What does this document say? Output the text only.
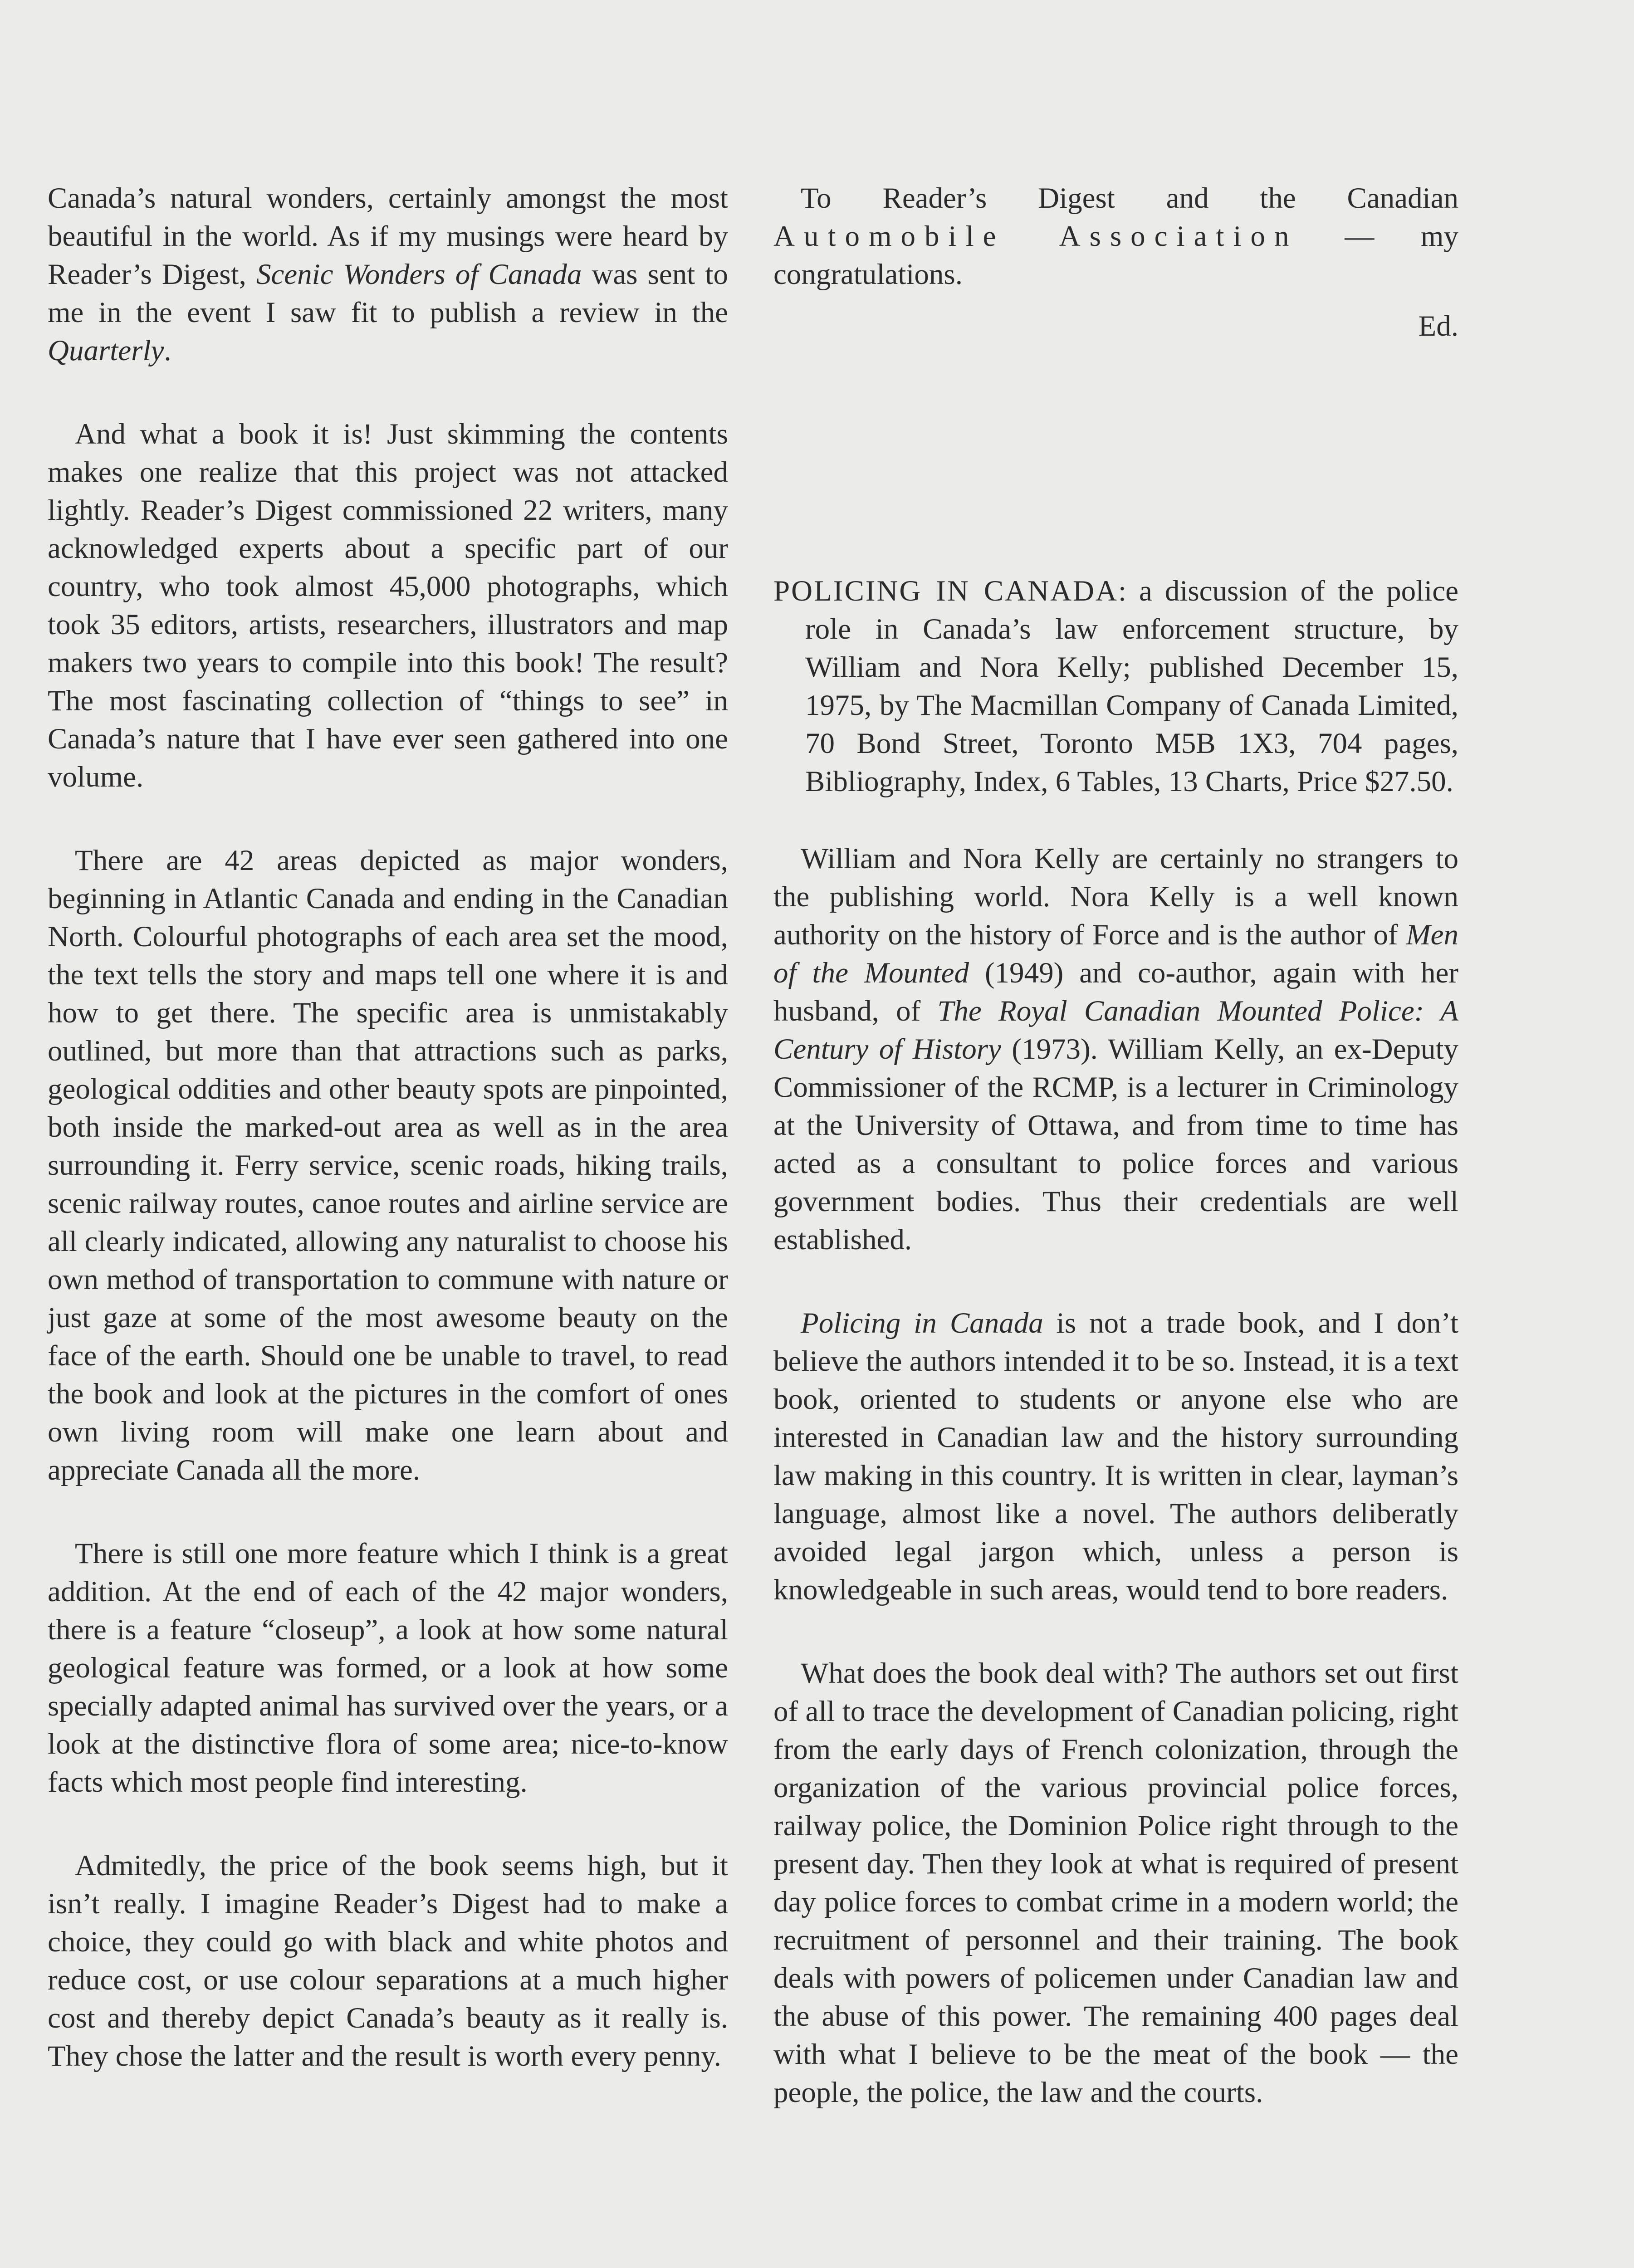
Canada’s natural wonders, certainly amongst the most beautiful in the world. As if my musings were heard by Reader’s Digest, Scenic Wonders of Canada was sent to me in the event I saw fit to publish a review in the Quarterly.

And what a book it is! Just skimming the contents makes one realize that this project was not attacked lightly. Reader’s Digest commissioned 22 writers, many acknowledged experts about a specific part of our country, who took almost 45,000 photographs, which took 35 editors, artists, researchers, illustrators and map makers two years to compile into this book! The result? The most fascinating collection of “things to see” in Canada’s nature that I have ever seen gathered into one volume.

There are 42 areas depicted as major wonders, beginning in Atlantic Canada and ending in the Canadian North. Colourful photographs of each area set the mood, the text tells the story and maps tell one where it is and how to get there. The specific area is unmistakably outlined, but more than that attractions such as parks, geological oddities and other beauty spots are pinpointed, both inside the marked-out area as well as in the area surrounding it. Ferry service, scenic roads, hiking trails, scenic railway routes, canoe routes and airline service are all clearly indicated, allowing any naturalist to choose his own method of transportation to commune with nature or just gaze at some of the most awesome beauty on the face of the earth. Should one be unable to travel, to read the book and look at the pictures in the comfort of ones own living room will make one learn about and appreciate Canada all the more.

There is still one more feature which I think is a great addition. At the end of each of the 42 major wonders, there is a feature “closeup”, a look at how some natural geological feature was formed, or a look at how some specially adapted animal has survived over the years, or a look at the distinctive flora of some area; nice-to-know facts which most people find interesting.

Admitedly, the price of the book seems high, but it isn’t really. I imagine Reader’s Digest had to make a choice, they could go with black and white photos and reduce cost, or use colour separations at a much higher cost and thereby depict Canada’s beauty as it really is. They chose the latter and the result is worth every penny.

To Reader’s Digest and the Canadian Automobile Association — my congratulations.

Ed.
POLICING IN CANADA: a discussion of the police role in Canada’s law enforcement structure, by William and Nora Kelly; published December 15, 1975, by The Macmillan Company of Canada Limited, 70 Bond Street, Toronto M5B 1X3, 704 pages, Bibliography, Index, 6 Tables, 13 Charts, Price $27.50.

William and Nora Kelly are certainly no strangers to the publishing world. Nora Kelly is a well known authority on the history of Force and is the author of Men of the Mounted (1949) and co-author, again with her husband, of The Royal Canadian Mounted Police: A Century of History (1973). William Kelly, an ex-Deputy Commissioner of the RCMP, is a lecturer in Criminology at the University of Ottawa, and from time to time has acted as a consultant to police forces and various government bodies. Thus their credentials are well established.

Policing in Canada is not a trade book, and I don’t believe the authors intended it to be so. Instead, it is a text book, oriented to students or anyone else who are interested in Canadian law and the history surrounding law making in this country. It is written in clear, layman’s language, almost like a novel. The authors deliberatly avoided legal jargon which, unless a person is knowledgeable in such areas, would tend to bore readers.

What does the book deal with? The authors set out first of all to trace the development of Canadian policing, right from the early days of French colonization, through the organization of the various provincial police forces, railway police, the Dominion Police right through to the present day. Then they look at what is required of present day police forces to combat crime in a modern world; the recruitment of personnel and their training. The book deals with powers of policemen under Canadian law and the abuse of this power. The remaining 400 pages deal with what I believe to be the meat of the book — the people, the police, the law and the courts.
